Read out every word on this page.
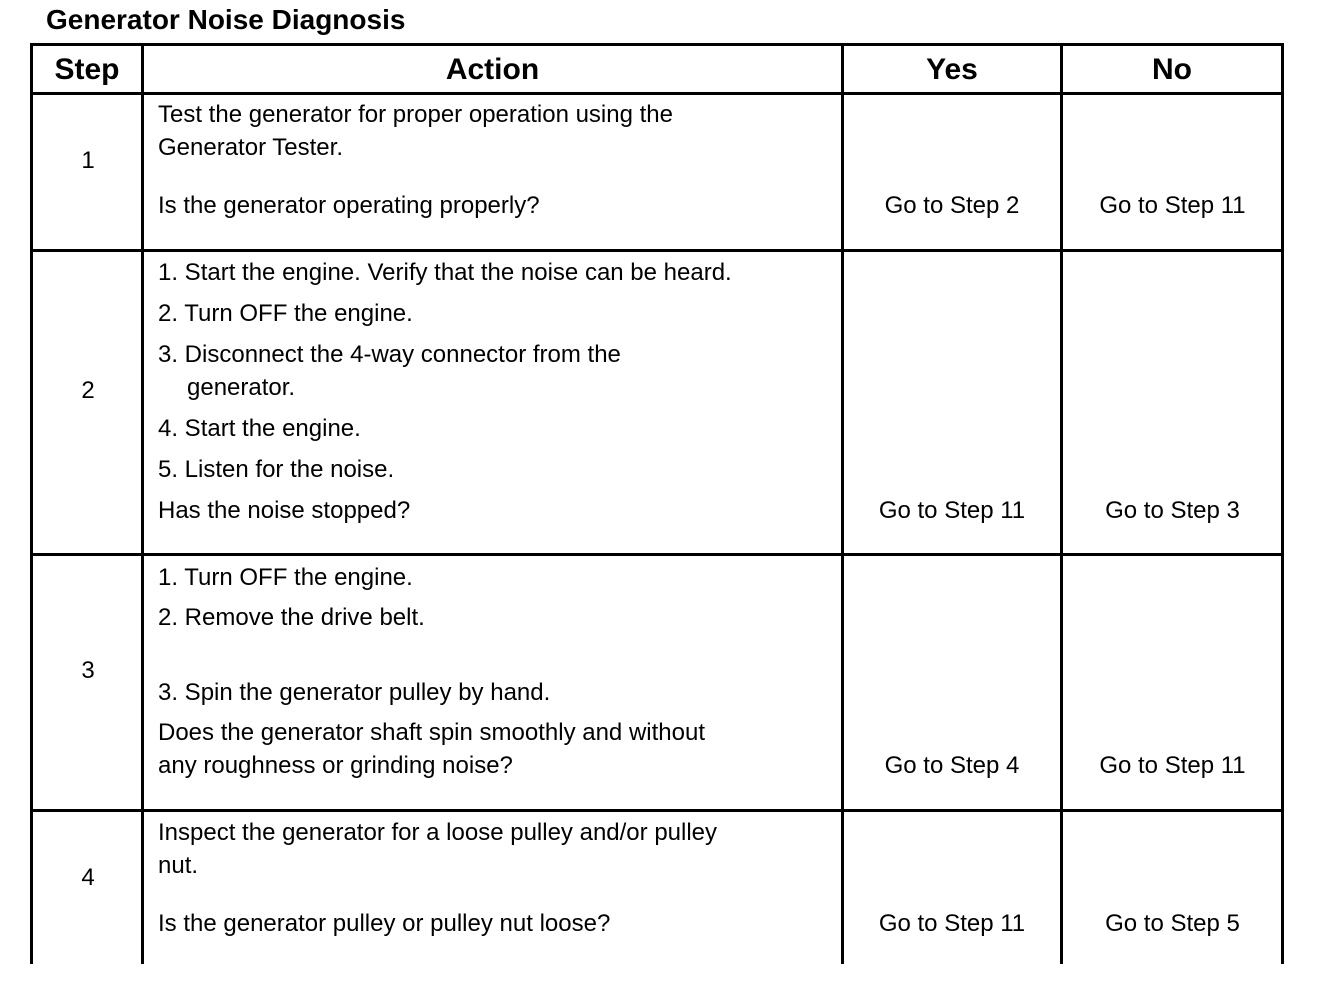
Generator Noise Diagnosis
Step	Action	Yes	No
1
Test the generator for proper operation using the
Generator Tester.
Is the generator operating properly?	Go to Step 2	Go to Step 11
2
1. Start the engine. Verify that the noise can be heard.
2. Turn OFF the engine.
3. Disconnect the 4-way connector from the
generator.
4. Start the engine.
5. Listen for the noise.
Has the noise stopped?	Go to Step 11	Go to Step 3
3
1. Turn OFF the engine.
2. Remove the drive belt.
3. Spin the generator pulley by hand.
Does the generator shaft spin smoothly and without
any roughness or grinding noise?	Go to Step 4	Go to Step 11
4
Inspect the generator for a loose pulley and/or pulley
nut.
Is the generator pulley or pulley nut loose?	Go to Step 11	Go to Step 5
